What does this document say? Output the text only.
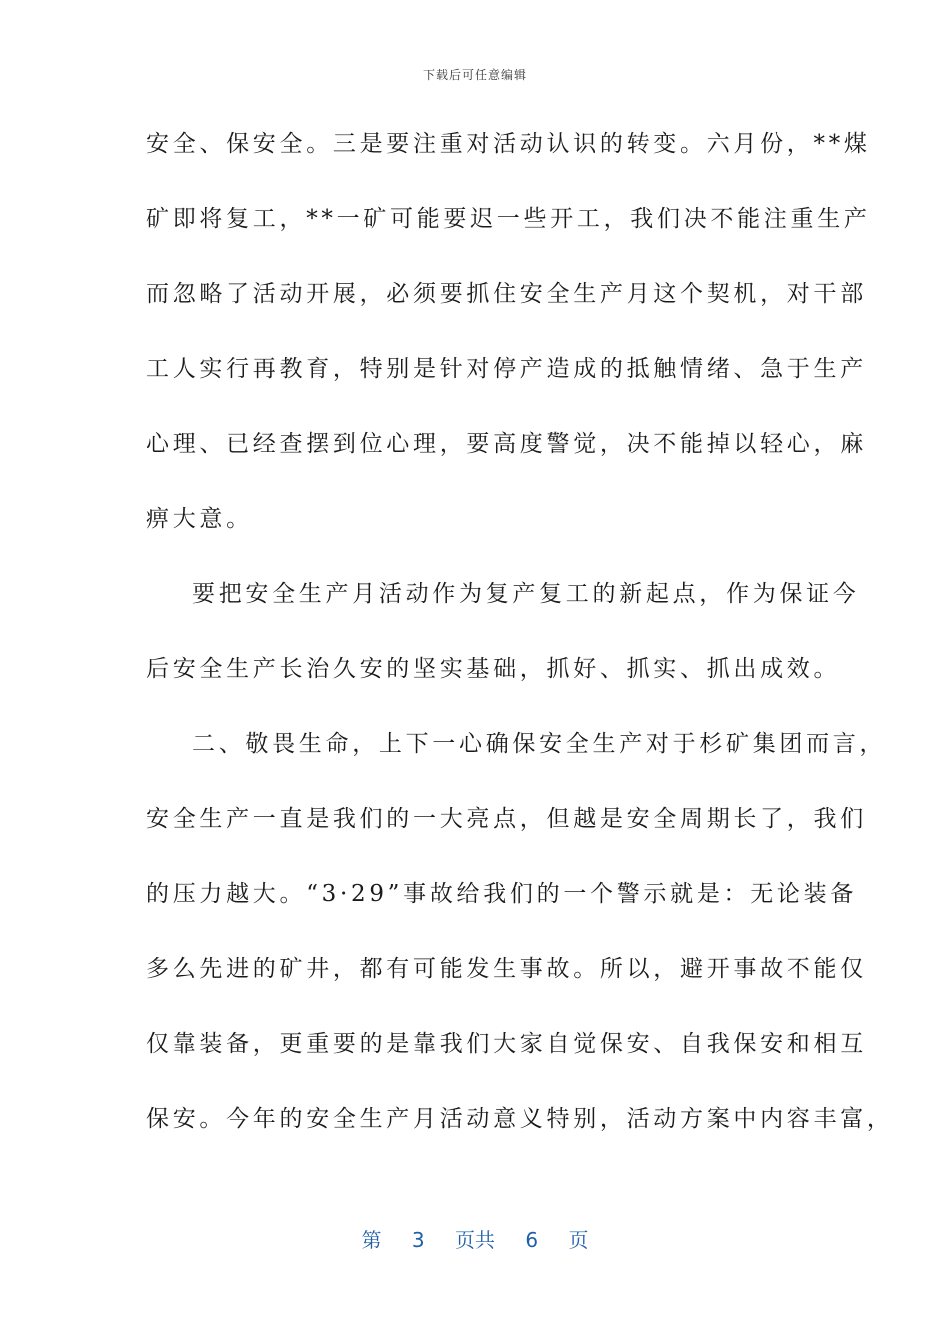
下载后可任意编辑
安全、保安全。三是要注重对活动认识的转变。六月份，**煤
矿即将复工，**一矿可能要迟一些开工，我们决不能注重生产
而忽略了活动开展，必须要抓住安全生产月这个契机，对干部
工人实行再教育，特别是针对停产造成的抵触情绪、急于生产
心理、已经查摆到位心理，要高度警觉，决不能掉以轻心，麻
痹大意。
要把安全生产月活动作为复产复工的新起点，作为保证今
后安全生产长治久安的坚实基础，抓好、抓实、抓出成效。
二、敬畏生命，上下一心确保安全生产对于杉矿集团而言，
安全生产一直是我们的一大亮点，但越是安全周期长了，我们
的压力越大。“3·29”事故给我们的一个警示就是：无论装备
多么先进的矿井，都有可能发生事故。所以，避开事故不能仅
仅靠装备，更重要的是靠我们大家自觉保安、自我保安和相互
保安。今年的安全生产月活动意义特别，活动方案中内容丰富，
第 3 页共 6 页
